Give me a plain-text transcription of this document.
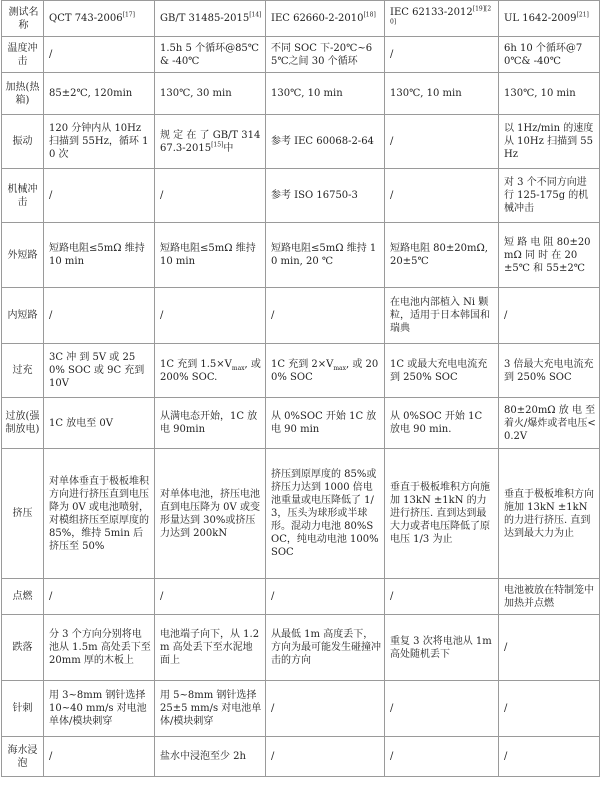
测试名称	QCT 743-2006[17]	GB/T 31485-2015[14]	IEC 62660-2-2010[18]	IEC 62133-2012[19][20]	UL 1642-2009[21]
温度冲击	/	1.5h 5 个循环@85℃& -40℃	不同 SOC 下-20℃~65℃之间 30 个循环	/	6h 10 个循环@70℃& -40℃
加热(热箱)	85±2℃, 120min	130℃, 30 min	130℃, 10 min	130℃, 10 min	130℃, 10 min
振动	120 分钟内从 10Hz 扫描到 55Hz，循环 10 次	规 定 在 了 GB/T 31467.3-2015[15]中	参考 IEC 60068-2-64	/	以 1Hz/min 的速度从 10Hz 扫描到 55Hz
机械冲击	/	/	参考 ISO 16750-3	/	对 3 个不同方向进行 125-175g 的机械冲击
外短路	短路电阻≤5mΩ 维持 10 min	短路电阻≤5mΩ 维持 10 min	短路电阻≤5mΩ 维持 10 min, 20 ℃	短路电阻 80±20mΩ, 20±5℃	短 路 电 阻 80±20mΩ 同 时 在 20±5℃ 和 55±2℃
内短路	/	/	/	在电池内部植入 Ni 颗粒，适用于日本韩国和瑞典	/
过充	3C 冲 到 5V 或 250% SOC 或 9C 充到 10V	1C 充到 $1.5\times V_{max}$, 或 200% SOC.	1C 充到 $2\times V_{max}$, 或 200% SOC	1C 或最大充电电流充到 250% SOC	3 倍最大充电电流充到 250% SOC
过放(强制放电)	1C 放电至 0V	从满电态开始，1C 放电 90min	从 0%SOC 开始 1C 放电 90 min	从 0%SOC 开始 1C 放电 90 min.	80±20mΩ 放 电 至着火/爆炸或者电压<0.2V
挤压	对单体垂直于极板堆积方向进行挤压直到电压降为 0V 或电池喷射，对模组挤压至原厚度的 85%，维持 5min 后挤压至 50%	对单体电池，挤压电池直到电压降为 0V 或变形量达到 30%或挤压力达到 200kN	挤压到原厚度的 85%或挤压力达到 1000 倍电池重量或电压降低了 1/3，压头为球形或半球形。混动力电池 80%SOC，纯电动电池 100%SOC	垂直于极板堆积方向施加 13kN ±1kN 的力进行挤压. 直到达到最大力或者电压降低了原电压 1/3 为止	垂直于极板堆积方向施加 13kN ±1kN 的力进行挤压. 直到达到最大力为止
点燃	/	/	/	/	电池被放在特制笼中加热并点燃
跌落	分 3 个方向分别将电池从 1.5m 高处丢下至 20mm 厚的木板上	电池端子向下，从 1.2m 高处丢下至水泥地面上	从最低 1m 高度丢下，方向为最可能发生碰撞冲击的方向	重复 3 次将电池从 1m 高处随机丢下	/
针刺	用 3~8mm 钢针选择 10~40 mm/s 对电池单体/模块刺穿	用 5~8mm 钢针选择 25±5 mm/s 对电池单体/模块刺穿	/	/	/
海水浸泡	/	盐水中浸泡至少 2h	/	/	/
